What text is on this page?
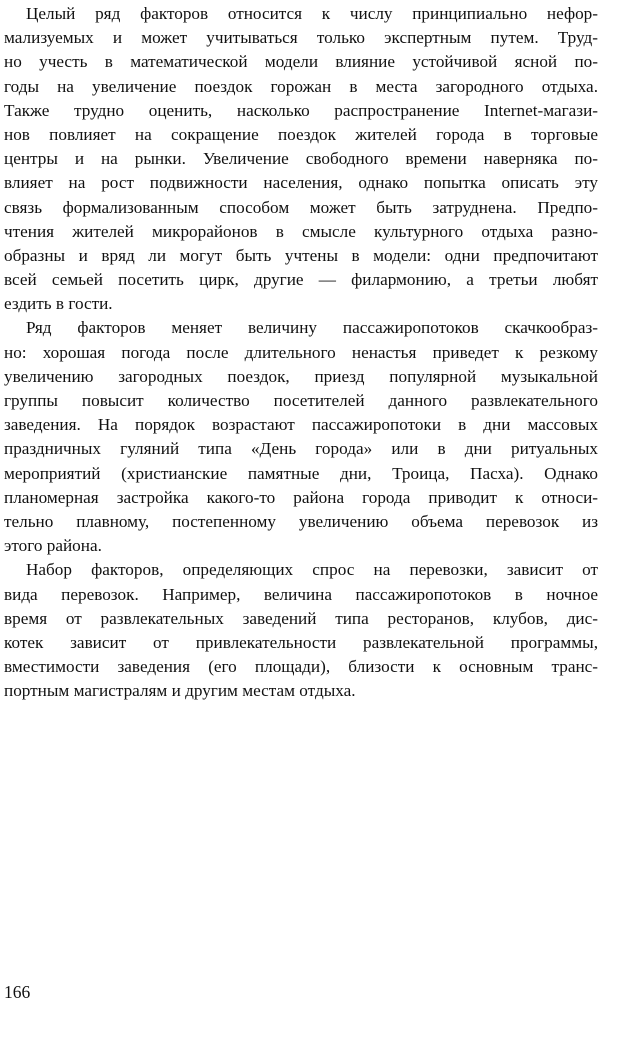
Целый ряд факторов относится к числу принципиально нефор-
мализуемых и может учитываться только экспертным путем. Труд-
но учесть в математической модели влияние устойчивой ясной по-
годы на увеличение поездок горожан в места загородного отдыха.
Также трудно оценить, насколько распространение Internet-магази-
нов повлияет на сокращение поездок жителей города в торговые
центры и на рынки. Увеличение свободного времени наверняка по-
влияет на рост подвижности населения, однако попытка описать эту
связь формализованным способом может быть затруднена. Предпо-
чтения жителей микрорайонов в смысле культурного отдыха разно-
образны и вряд ли могут быть учтены в модели: одни предпочитают
всей семьей посетить цирк, другие — филармонию, а третьи любят
ездить в гости.
Ряд факторов меняет величину пассажиропотоков скачкообраз-
но: хорошая погода после длительного ненастья приведет к резкому
увеличению загородных поездок, приезд популярной музыкальной
группы повысит количество посетителей данного развлекательного
заведения. На порядок возрастают пассажиропотоки в дни массовых
праздничных гуляний типа «День города» или в дни ритуальных
мероприятий (христианские памятные дни, Троица, Пасха). Однако
планомерная застройка какого-то района города приводит к относи-
тельно плавному, постепенному увеличению объема перевозок из
этого района.
Набор факторов, определяющих спрос на перевозки, зависит от
вида перевозок. Например, величина пассажиропотоков в ночное
время от развлекательных заведений типа ресторанов, клубов, дис-
котек зависит от привлекательности развлекательной программы,
вместимости заведения (его площади), близости к основным транс-
портным магистралям и другим местам отдыха.
166
